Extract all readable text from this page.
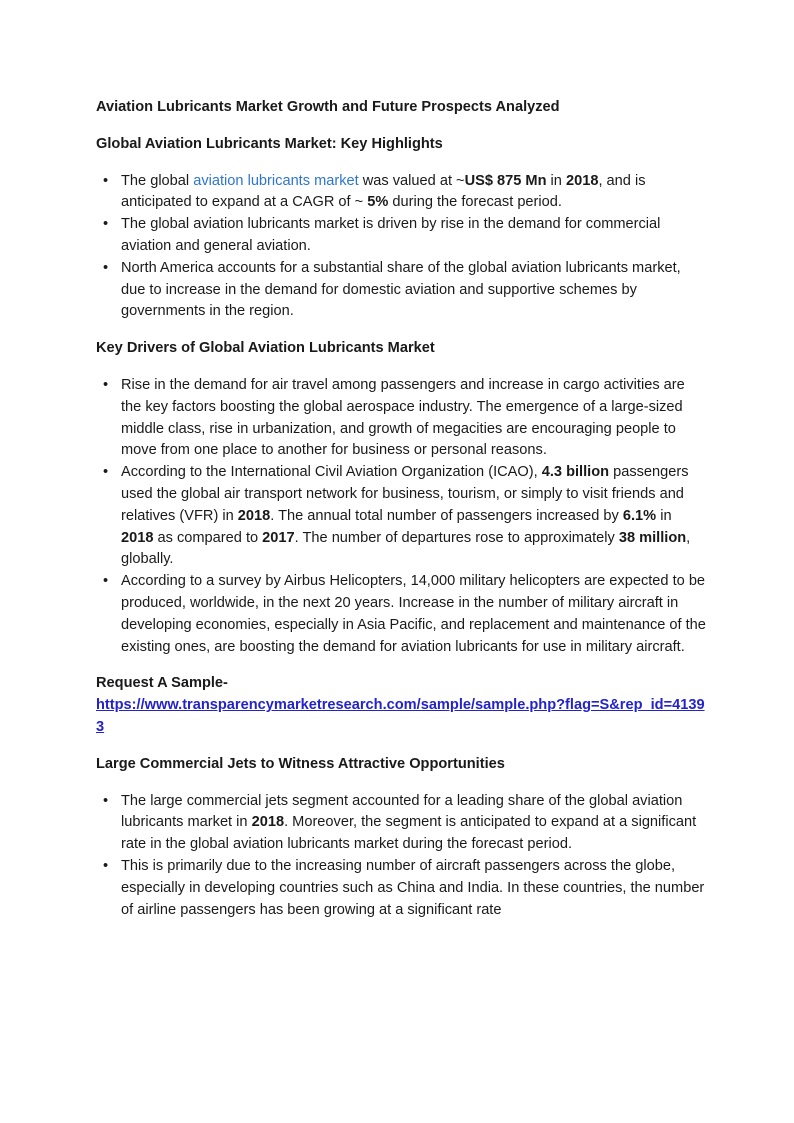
Aviation Lubricants Market Growth and Future Prospects Analyzed

Global Aviation Lubricants Market: Key Highlights

• The global aviation lubricants market was valued at ~US$ 875 Mn in 2018, and is anticipated to expand at a CAGR of ~ 5% during the forecast period.
• The global aviation lubricants market is driven by rise in the demand for commercial aviation and general aviation.
• North America accounts for a substantial share of the global aviation lubricants market, due to increase in the demand for domestic aviation and supportive schemes by governments in the region.

Key Drivers of Global Aviation Lubricants Market

• Rise in the demand for air travel among passengers and increase in cargo activities are the key factors boosting the global aerospace industry. The emergence of a large-sized middle class, rise in urbanization, and growth of megacities are encouraging people to move from one place to another for business or personal reasons.
• According to the International Civil Aviation Organization (ICAO), 4.3 billion passengers used the global air transport network for business, tourism, or simply to visit friends and relatives (VFR) in 2018. The annual total number of passengers increased by 6.1% in 2018 as compared to 2017. The number of departures rose to approximately 38 million, globally.
• According to a survey by Airbus Helicopters, 14,000 military helicopters are expected to be produced, worldwide, in the next 20 years. Increase in the number of military aircraft in developing economies, especially in Asia Pacific, and replacement and maintenance of the existing ones, are boosting the demand for aviation lubricants for use in military aircraft.

Request A Sample-
https://www.transparencymarketresearch.com/sample/sample.php?flag=S&rep_id=41393

Large Commercial Jets to Witness Attractive Opportunities

• The large commercial jets segment accounted for a leading share of the global aviation lubricants market in 2018. Moreover, the segment is anticipated to expand at a significant rate in the global aviation lubricants market during the forecast period.
• This is primarily due to the increasing number of aircraft passengers across the globe, especially in developing countries such as China and India. In these countries, the number of airline passengers has been growing at a significant rate
